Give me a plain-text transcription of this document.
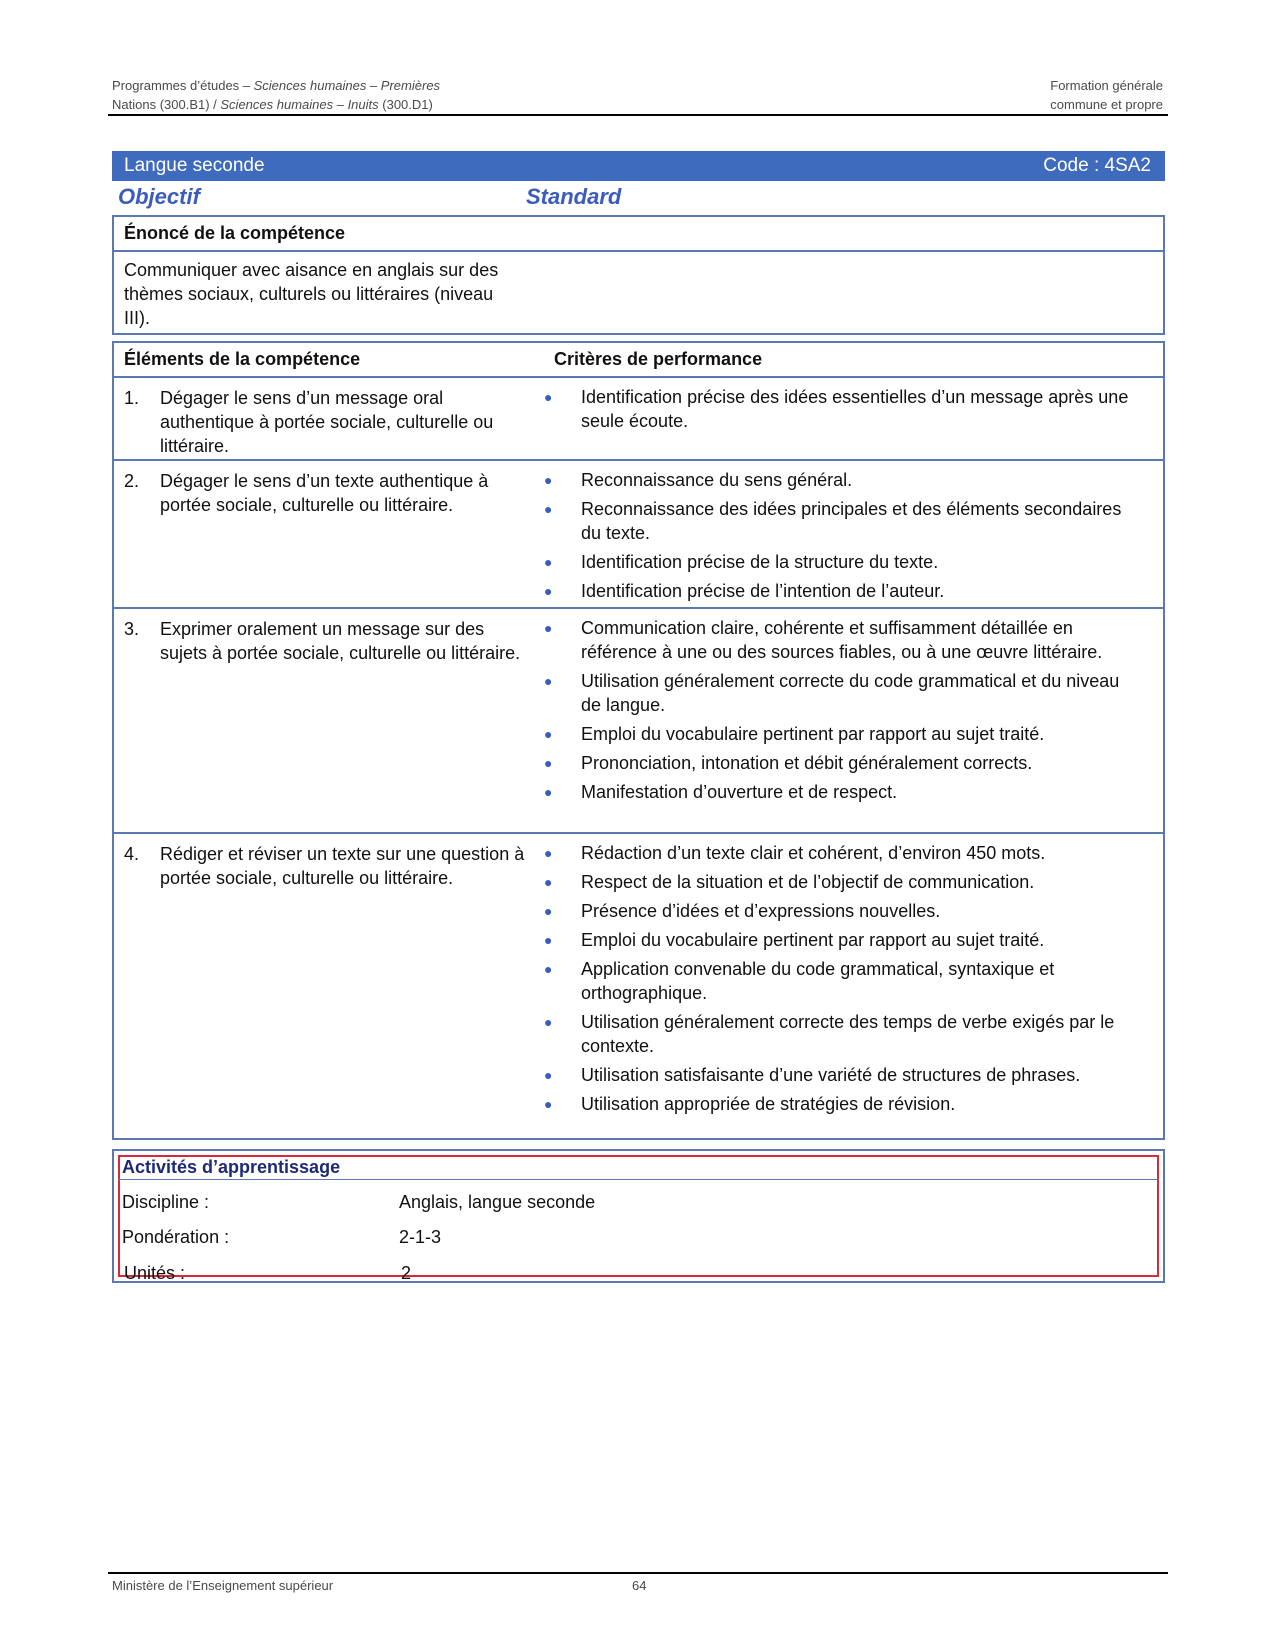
Programmes d’études – Sciences humaines – Premières	Formation générale
Nations (300.B1) / Sciences humaines – Inuits (300.D1)	commune et propre
Langue seconde	Code : 4SA2
Objectif	Standard
Énoncé de la compétence
Communiquer avec aisance en anglais sur des thèmes sociaux, culturels ou littéraires (niveau III).
Éléments de la compétence	Critères de performance
1.	Dégager le sens d’un message oral authentique à portée sociale, culturelle ou littéraire.
●	Identification précise des idées essentielles d’un message après une seule écoute.
2.	Dégager le sens d’un texte authentique à portée sociale, culturelle ou littéraire.
●	Reconnaissance du sens général.
●	Reconnaissance des idées principales et des éléments secondaires du texte.
●	Identification précise de la structure du texte.
●	Identification précise de l’intention de l’auteur.
3.	Exprimer oralement un message sur des sujets à portée sociale, culturelle ou littéraire.
●	Communication claire, cohérente et suffisamment détaillée en référence à une ou des sources fiables, ou à une œuvre littéraire.
●	Utilisation généralement correcte du code grammatical et du niveau de langue.
●	Emploi du vocabulaire pertinent par rapport au sujet traité.
●	Prononciation, intonation et débit généralement corrects.
●	Manifestation d’ouverture et de respect.
4.	Rédiger et réviser un texte sur une question à portée sociale, culturelle ou littéraire.
●	Rédaction d’un texte clair et cohérent, d’environ 450 mots.
●	Respect de la situation et de l’objectif de communication.
●	Présence d’idées et d’expressions nouvelles.
●	Emploi du vocabulaire pertinent par rapport au sujet traité.
●	Application convenable du code grammatical, syntaxique et orthographique.
●	Utilisation généralement correcte des temps de verbe exigés par le contexte.
●	Utilisation satisfaisante d’une variété de structures de phrases.
●	Utilisation appropriée de stratégies de révision.
Activités d’apprentissage
Discipline :	Anglais, langue seconde
Pondération :	2-1-3
Unités :	2
Ministère de l’Enseignement supérieur	64
